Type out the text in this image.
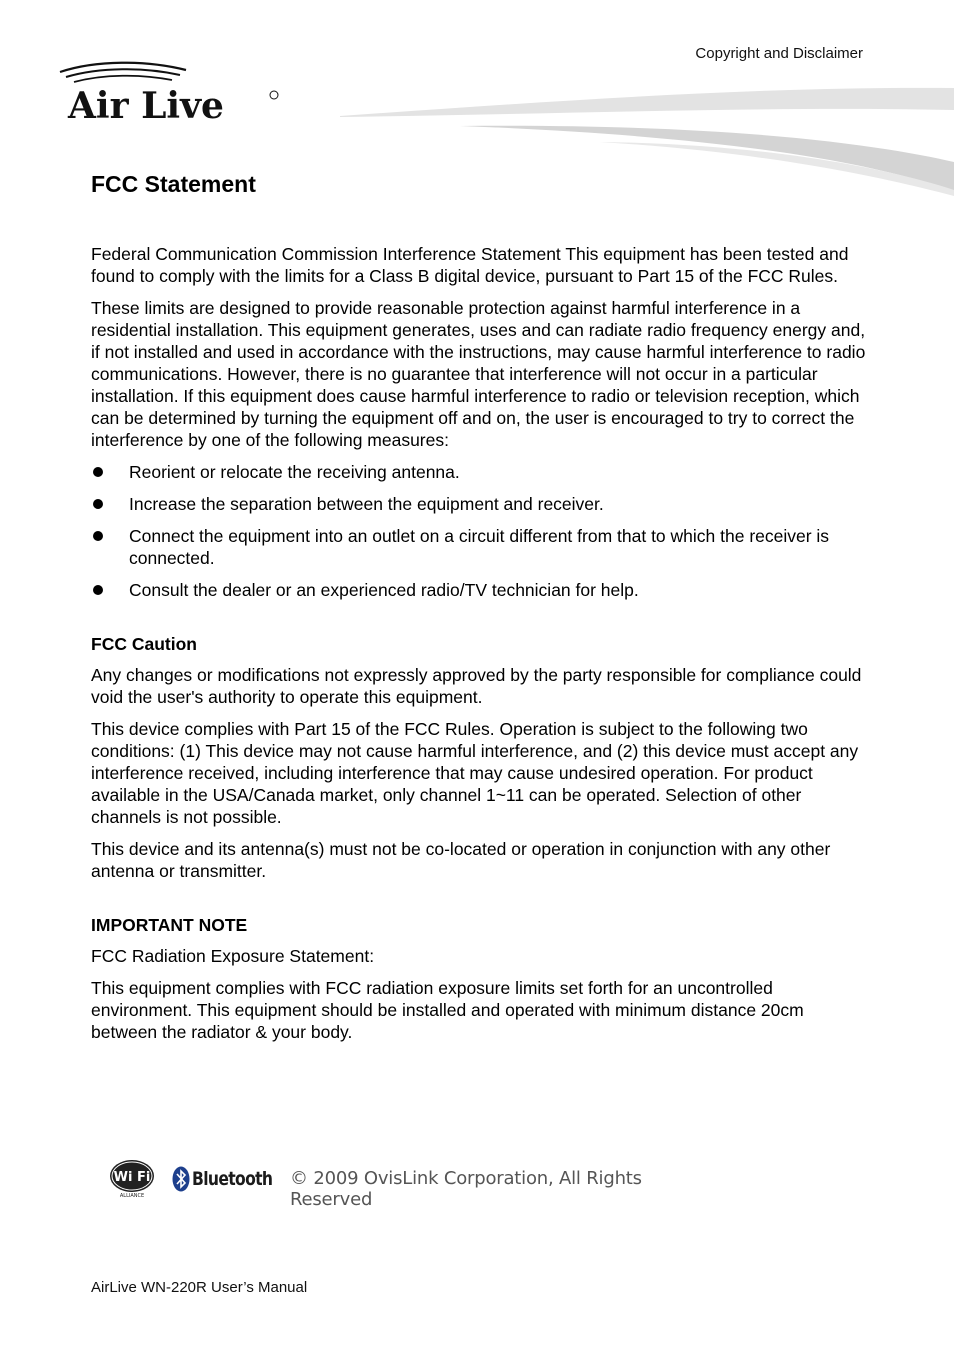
Copyright and Disclaimer
Air Live
FCC Statement

Federal Communication Commission Interference Statement This equipment has been tested and found to comply with the limits for a Class B digital device, pursuant to Part 15 of the FCC Rules.

These limits are designed to provide reasonable protection against harmful interference in a residential installation. This equipment generates, uses and can radiate radio frequency energy and, if not installed and used in accordance with the instructions, may cause harmful interference to radio communications. However, there is no guarantee that interference will not occur in a particular installation. If this equipment does cause harmful interference to radio or television reception, which can be determined by turning the equipment off and on, the user is encouraged to try to correct the interference by one of the following measures:

Reorient or relocate the receiving antenna.
Increase the separation between the equipment and receiver.
Connect the equipment into an outlet on a circuit different from that to which the receiver is connected.
Consult the dealer or an experienced radio/TV technician for help.
FCC Caution

Any changes or modifications not expressly approved by the party responsible for compliance could void the user's authority to operate this equipment.

This device complies with Part 15 of the FCC Rules. Operation is subject to the following two conditions: (1) This device may not cause harmful interference, and (2) this device must accept any interference received, including interference that may cause undesired operation. For product available in the USA/Canada market, only channel 1~11 can be operated. Selection of other channels is not possible.

This device and its antenna(s) must not be co-located or operation in conjunction with any other antenna or transmitter.

IMPORTANT NOTE

FCC Radiation Exposure Statement:

This equipment complies with FCC radiation exposure limits set forth for an uncontrolled environment. This equipment should be installed and operated with minimum distance 20cm between the radiator & your body.

Wi Fi
ALLIANCE
Bluetooth © 2009 OvisLink Corporation, All Rights Reserved
AirLive WN-220R User’s Manual
